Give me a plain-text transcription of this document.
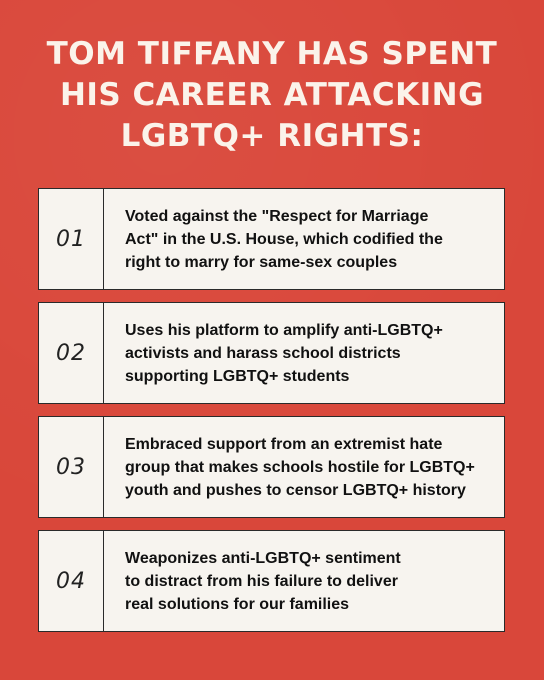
TOM TIFFANY HAS SPENT
HIS CAREER ATTACKING
LGBTQ+ RIGHTS:
01
Voted against the "Respect for Marriage
Act" in the U.S. House, which codified the
right to marry for same-sex couples
02
Uses his platform to amplify anti-LGBTQ+
activists and harass school districts
supporting LGBTQ+ students
03
Embraced support from an extremist hate
group that makes schools hostile for LGBTQ+
youth and pushes to censor LGBTQ+ history
04
Weaponizes anti-LGBTQ+ sentiment
to distract from his failure to deliver
real solutions for our families
